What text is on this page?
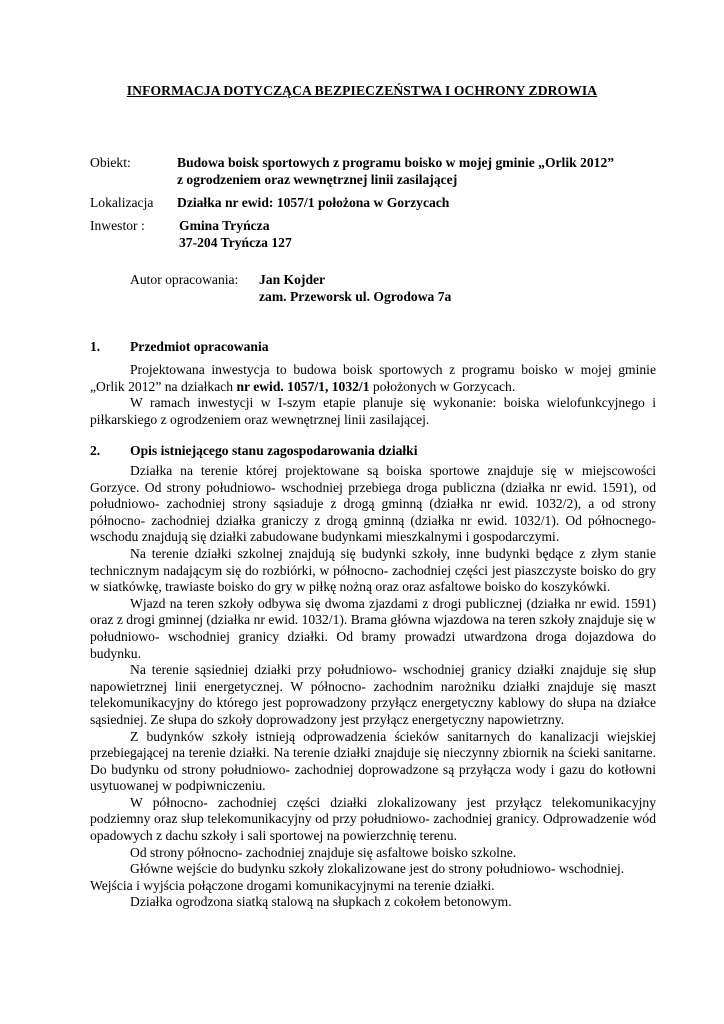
INFORMACJA DOTYCZĄCA BEZPIECZEŃSTWA I OCHRONY ZDROWIA
Obiekt:	Budowa boisk sportowych z programu boisko w mojej gminie „Orlik 2012”
z ogrodzeniem oraz wewnętrznej linii zasilającej
Lokalizacja Działka nr ewid: 1057/1 położona w Gorzycach
Inwestor :	Gmina Tryńcza
37-204 Tryńcza 127
Autor opracowania: Jan Kojder
zam. Przeworsk ul. Ogrodowa 7a
1. Przedmiot opracowania

Projektowana inwestycja to budowa boisk sportowych z programu boisko w mojej gminie „Orlik 2012” na działkach nr ewid. 1057/1, 1032/1 położonych w Gorzycach.

W ramach inwestycji w I-szym etapie planuje się wykonanie: boiska wielofunkcyjnego i piłkarskiego z ogrodzeniem oraz wewnętrznej linii zasilającej.

2. Opis istniejącego stanu zagospodarowania działki

Działka na terenie której projektowane są boiska sportowe znajduje się w miejscowości Gorzyce. Od strony południowo- wschodniej przebiega droga publiczna (działka nr ewid. 1591), od południowo- zachodniej strony sąsiaduje z drogą gminną (działka nr ewid. 1032/2), a od strony północno- zachodniej działka graniczy z drogą gminną (działka nr ewid. 1032/1). Od północnego-wschodu znajdują się działki zabudowane budynkami mieszkalnymi i gospodarczymi.

Na terenie działki szkolnej znajdują się budynki szkoły, inne budynki będące z złym stanie technicznym nadającym się do rozbiórki, w północno- zachodniej części jest piaszczyste boisko do gry w siatkówkę, trawiaste boisko do gry w piłkę nożną oraz oraz asfaltowe boisko do koszykówki.

Wjazd na teren szkoły odbywa się dwoma zjazdami z drogi publicznej (działka nr ewid. 1591) oraz z drogi gminnej (działka nr ewid. 1032/1). Brama główna wjazdowa na teren szkoły znajduje się w południowo- wschodniej granicy działki. Od bramy prowadzi utwardzona droga dojazdowa do budynku.

Na terenie sąsiedniej działki przy południowo- wschodniej granicy działki znajduje się słup napowietrznej linii energetycznej. W północno- zachodnim narożniku działki znajduje się maszt telekomunikacyjny do którego jest poprowadzony przyłącz energetyczny kablowy do słupa na działce sąsiedniej. Ze słupa do szkoły doprowadzony jest przyłącz energetyczny napowietrzny.

Z budynków szkoły istnieją odprowadzenia ścieków sanitarnych do kanalizacji wiejskiej przebiegającej na terenie działki. Na terenie działki znajduje się nieczynny zbiornik na ścieki sanitarne. Do budynku od strony południowo- zachodniej doprowadzone są przyłącza wody i gazu do kotłowni usytuowanej w podpiwniczeniu.

W północno- zachodniej części działki zlokalizowany jest przyłącz telekomunikacyjny podziemny oraz słup telekomunikacyjny od przy południowo- zachodniej granicy. Odprowadzenie wód opadowych z dachu szkoły i sali sportowej na powierzchnię terenu.

Od strony północno- zachodniej znajduje się asfaltowe boisko szkolne.

Główne wejście do budynku szkoły zlokalizowane jest do strony południowo- wschodniej.

Wejścia i wyjścia połączone drogami komunikacyjnymi na terenie działki.

Działka ogrodzona siatką stalową na słupkach z cokołem betonowym.
